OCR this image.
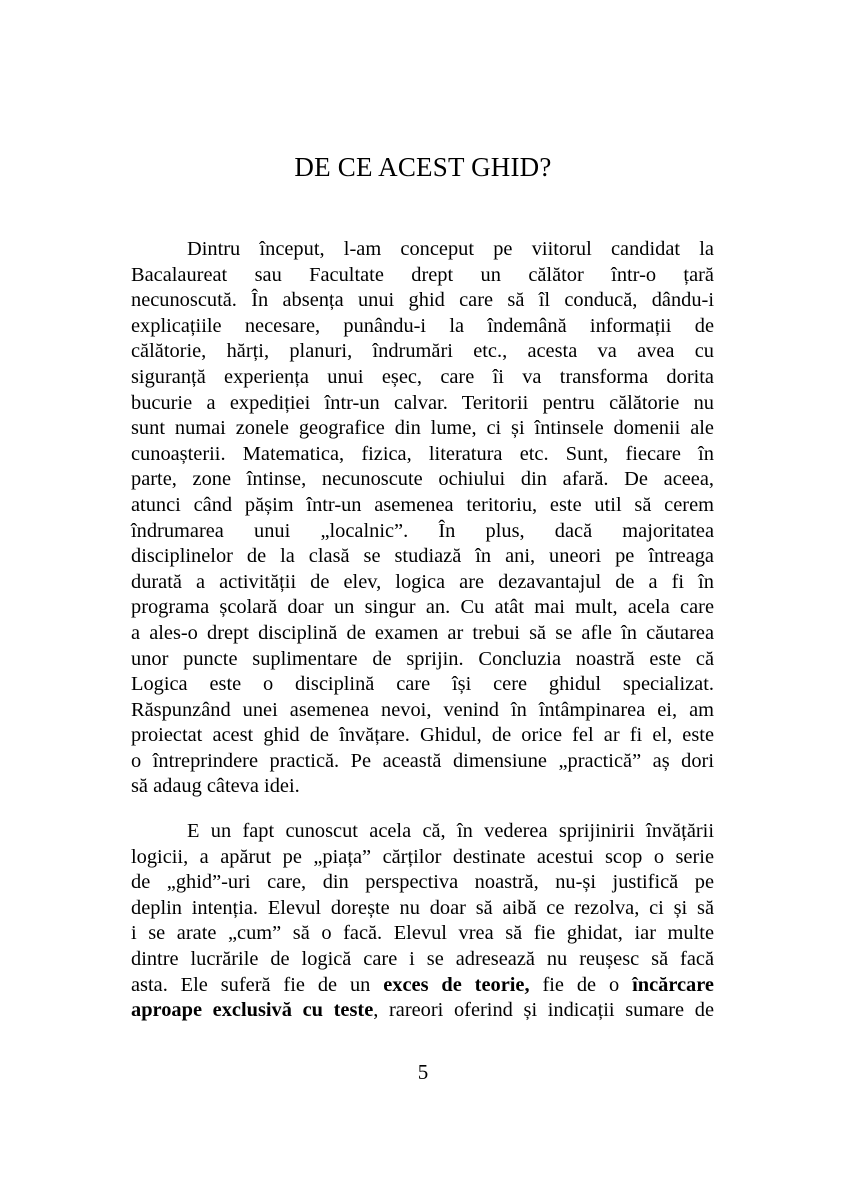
DE CE ACEST GHID?
Dintru început, l-am conceput pe viitorul candidat la
Bacalaureat sau Facultate drept un călător într-o țară
necunoscută. În absența unui ghid care să îl conducă, dându-i
explicațiile necesare, punându-i la îndemână informații de
călătorie, hărți, planuri, îndrumări etc., acesta va avea cu
siguranță experiența unui eșec, care îi va transforma dorita
bucurie a expediției într-un calvar. Teritorii pentru călătorie nu
sunt numai zonele geografice din lume, ci și întinsele domenii ale
cunoașterii. Matematica, fizica, literatura etc. Sunt, fiecare în
parte, zone întinse, necunoscute ochiului din afară. De aceea,
atunci când pășim într-un asemenea teritoriu, este util să cerem
îndrumarea unui „localnic”. În plus, dacă majoritatea
disciplinelor de la clasă se studiază în ani, uneori pe întreaga
durată a activității de elev, logica are dezavantajul de a fi în
programa școlară doar un singur an. Cu atât mai mult, acela care
a ales-o drept disciplină de examen ar trebui să se afle în căutarea
unor puncte suplimentare de sprijin. Concluzia noastră este că
Logica este o disciplină care își cere ghidul specializat.
Răspunzând unei asemenea nevoi, venind în întâmpinarea ei, am
proiectat acest ghid de învățare. Ghidul, de orice fel ar fi el, este
o întreprindere practică. Pe această dimensiune „practică” aș dori
să adaug câteva idei.
E un fapt cunoscut acela că, în vederea sprijinirii învățării
logicii, a apărut pe „piața” cărților destinate acestui scop o serie
de „ghid”-uri care, din perspectiva noastră, nu-și justifică pe
deplin intenția. Elevul dorește nu doar să aibă ce rezolva, ci și să
i se arate „cum” să o facă. Elevul vrea să fie ghidat, iar multe
dintre lucrările de logică care i se adresează nu reușesc să facă
asta. Ele suferă fie de un exces de teorie, fie de o încărcare
aproape exclusivă cu teste, rareori oferind și indicații sumare de
5
